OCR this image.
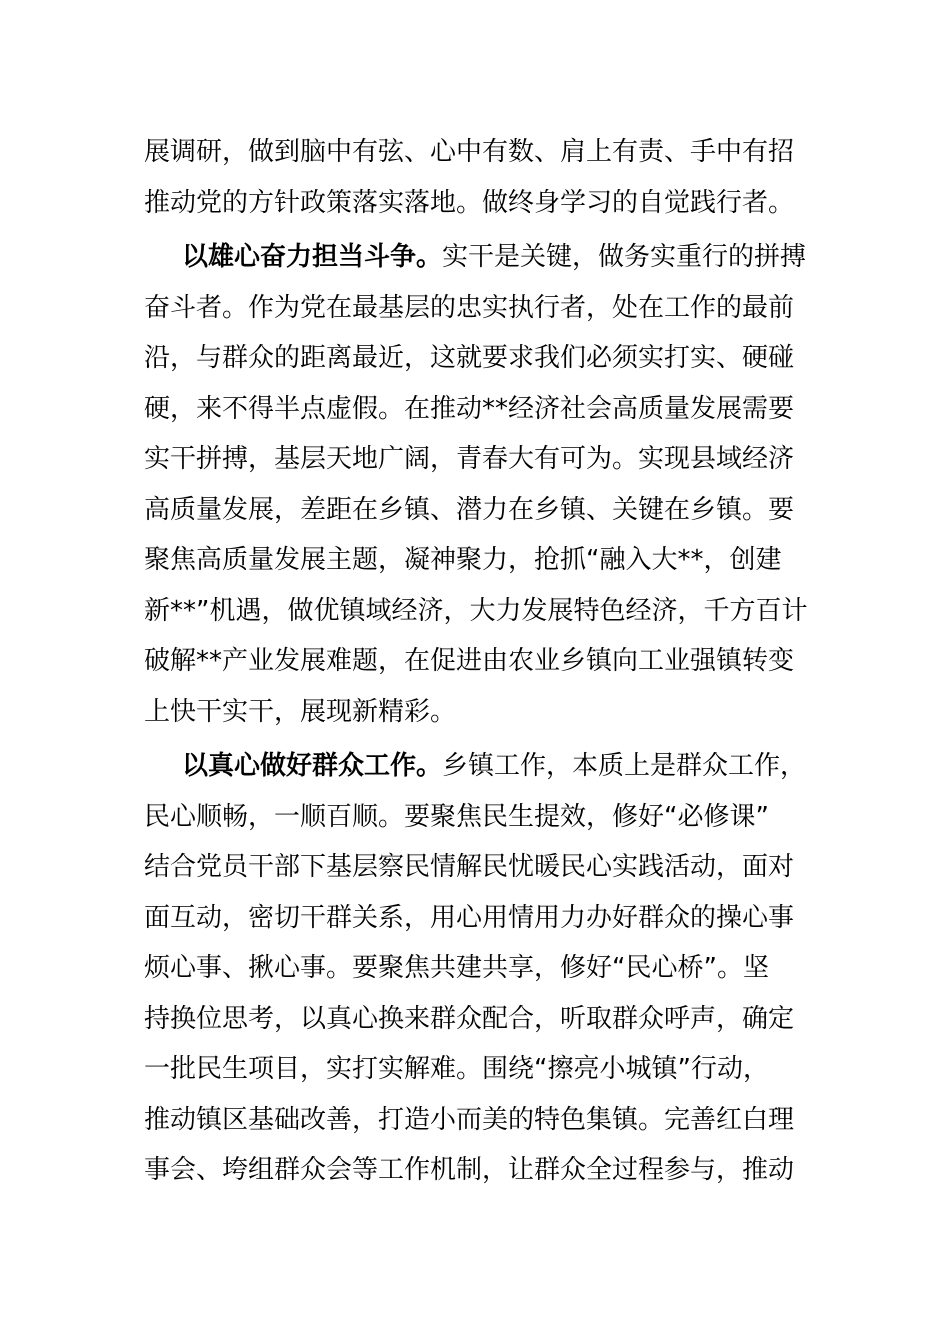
展调研，做到脑中有弦、心中有数、肩上有责、手中有招
推动党的方针政策落实落地。做终身学习的自觉践行者。
以雄心奋力担当斗争。实干是关键，做务实重行的拼搏
奋斗者。作为党在最基层的忠实执行者，处在工作的最前
沿，与群众的距离最近，这就要求我们必须实打实、硬碰
硬，来不得半点虚假。在推动**经济社会高质量发展需要
实干拼搏，基层天地广阔，青春大有可为。实现县域经济
高质量发展，差距在乡镇、潜力在乡镇、关键在乡镇。要
聚焦高质量发展主题，凝神聚力，抢抓“融入大**，创建
新**”机遇，做优镇域经济，大力发展特色经济，千方百计
破解**产业发展难题，在促进由农业乡镇向工业强镇转变
上快干实干，展现新精彩。
以真心做好群众工作。乡镇工作，本质上是群众工作，
民心顺畅，一顺百顺。要聚焦民生提效，修好“必修课”
结合党员干部下基层察民情解民忧暖民心实践活动，面对
面互动，密切干群关系，用心用情用力办好群众的操心事
烦心事、揪心事。要聚焦共建共享，修好“民心桥”。坚
持换位思考，以真心换来群众配合，听取群众呼声，确定
一批民生项目，实打实解难。围绕“擦亮小城镇”行动，
推动镇区基础改善，打造小而美的特色集镇。完善红白理
事会、垮组群众会等工作机制，让群众全过程参与，推动
